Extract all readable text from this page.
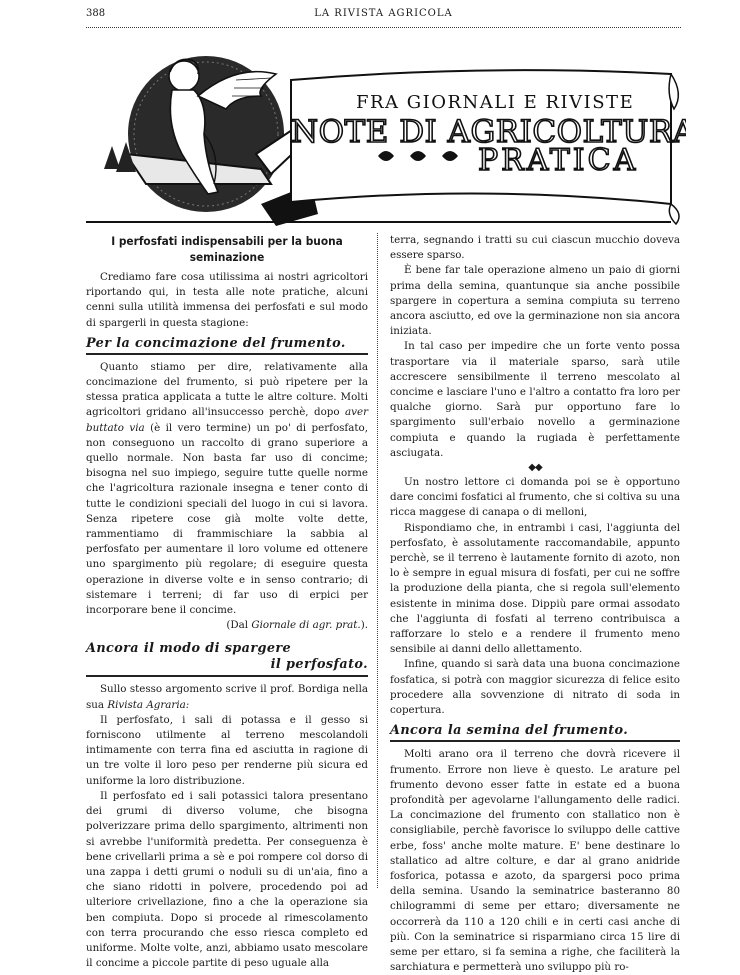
388	LA RIVISTA AGRICOLA
FRA GIORNALI E RIVISTE
NOTE DI AGRICOLTURA
PRATICA
I perfosfati indispensabili per la buona seminazione

Crediamo fare cosa utilissima ai nostri agricoltori riportando qui, in testa alle note pratiche, alcuni cenni sulla utilità immensa dei perfosfati e sul modo di spargerli in questa stagione:

Per la concimazione del frumento.

Quanto stiamo per dire, relativamente alla concimazione del frumento, si può ripetere per la stessa pratica applicata a tutte le altre colture. Molti agricoltori gridano all'insuccesso perchè, dopo aver buttato via (è il vero termine) un po' di perfosfato, non conseguono un raccolto di grano superiore a quello normale. Non basta far uso di concime; bisogna nel suo impiego, seguire tutte quelle norme che l'agricoltura razionale insegna e tener conto di tutte le condizioni speciali del luogo in cui si lavora. Senza ripetere cose già molte volte dette, rammentiamo di frammischiare la sabbia al perfosfato per aumentare il loro volume ed ottenere uno spargimento più regolare; di eseguire questa operazione in diverse volte e in senso contrario; di sistemare i terreni; di far uso di erpici per incorporare bene il concime.

(Dal Giornale di agr. prat.).

Ancora il modo di spargere
il perfosfato.

Sullo stesso argomento scrive il prof. Bordiga nella sua Rivista Agraria:

Il perfosfato, i sali di potassa e il gesso si forniscono utilmente al terreno mescolandoli intimamente con terra fina ed asciutta in ragione di un tre volte il loro peso per renderne più sicura ed uniforme la loro distribuzione.

Il perfosfato ed i sali potassici talora presentano dei grumi di diverso volume, che bisogna polverizzare prima dello spargimento, altrimenti non si avrebbe l'uniformità predetta. Per conseguenza è bene crivellarli prima a sè e poi rompere col dorso di una zappa i detti grumi o noduli su di un'aia, fino a che siano ridotti in polvere, procedendo poi ad ulteriore crivellazione, fino a che la operazione sia ben compiuta. Dopo si procede al rimescolamento con terra procurando che esso riesca completo ed uniforme. Molte volte, anzi, abbiamo usato mescolare il concime a piccole partite di peso uguale alla

terra, segnando i tratti su cui ciascun mucchio doveva essere sparso.

È bene far tale operazione almeno un paio di giorni prima della semina, quantunque sia anche possibile spargere in copertura a semina compiuta su terreno ancora asciutto, ed ove la germinazione non sia ancora iniziata.

In tal caso per impedire che un forte vento possa trasportare via il materiale sparso, sarà utile accrescere sensibilmente il terreno mescolato al concime e lasciare l'uno e l'altro a contatto fra loro per qualche giorno. Sarà pur opportuno fare lo spargimento sull'erbaio novello a germinazione compiuta e quando la rugiada è perfettamente asciugata.

◆◆

Un nostro lettore ci domanda poi se è opportuno dare concimi fosfatici al frumento, che si coltiva su una ricca maggese di canapa o di melloni,

Rispondiamo che, in entrambi i casi, l'aggiunta del perfosfato, è assolutamente raccomandabile, appunto perchè, se il terreno è lautamente fornito di azoto, non lo è sempre in egual misura di fosfati, per cui ne soffre la produzione della pianta, che si regola sull'elemento esistente in minima dose. Dippiù pare ormai assodato che l'aggiunta di fosfati al terreno contribuisca a rafforzare lo stelo e a rendere il frumento meno sensibile ai danni dello allettamento.

Infine, quando si sarà data una buona concimazione fosfatica, si potrà con maggior sicurezza di felice esito procedere alla sovvenzione di nitrato di soda in copertura.

Ancora la semina del frumento.

Molti arano ora il terreno che dovrà ricevere il frumento. Errore non lieve è questo. Le arature pel frumento devono esser fatte in estate ed a buona profondità per agevolarne l'allungamento delle radici. La concimazione del frumento con stallatico non è consigliabile, perchè favorisce lo sviluppo delle cattive erbe, foss' anche molte mature. E' bene destinare lo stallatico ad altre colture, e dar al grano anidride fosforica, potassa e azoto, da spargersi poco prima della semina. Usando la seminatrice basteranno 80 chilogrammi di seme per ettaro; diversamente ne occorrerà da 110 a 120 chili e in certi casi anche di più. Con la seminatrice si risparmiano circa 15 lire di seme per ettaro, si fa semina a righe, che faciliterà la sarchiatura e permetterà uno sviluppo più ro-
